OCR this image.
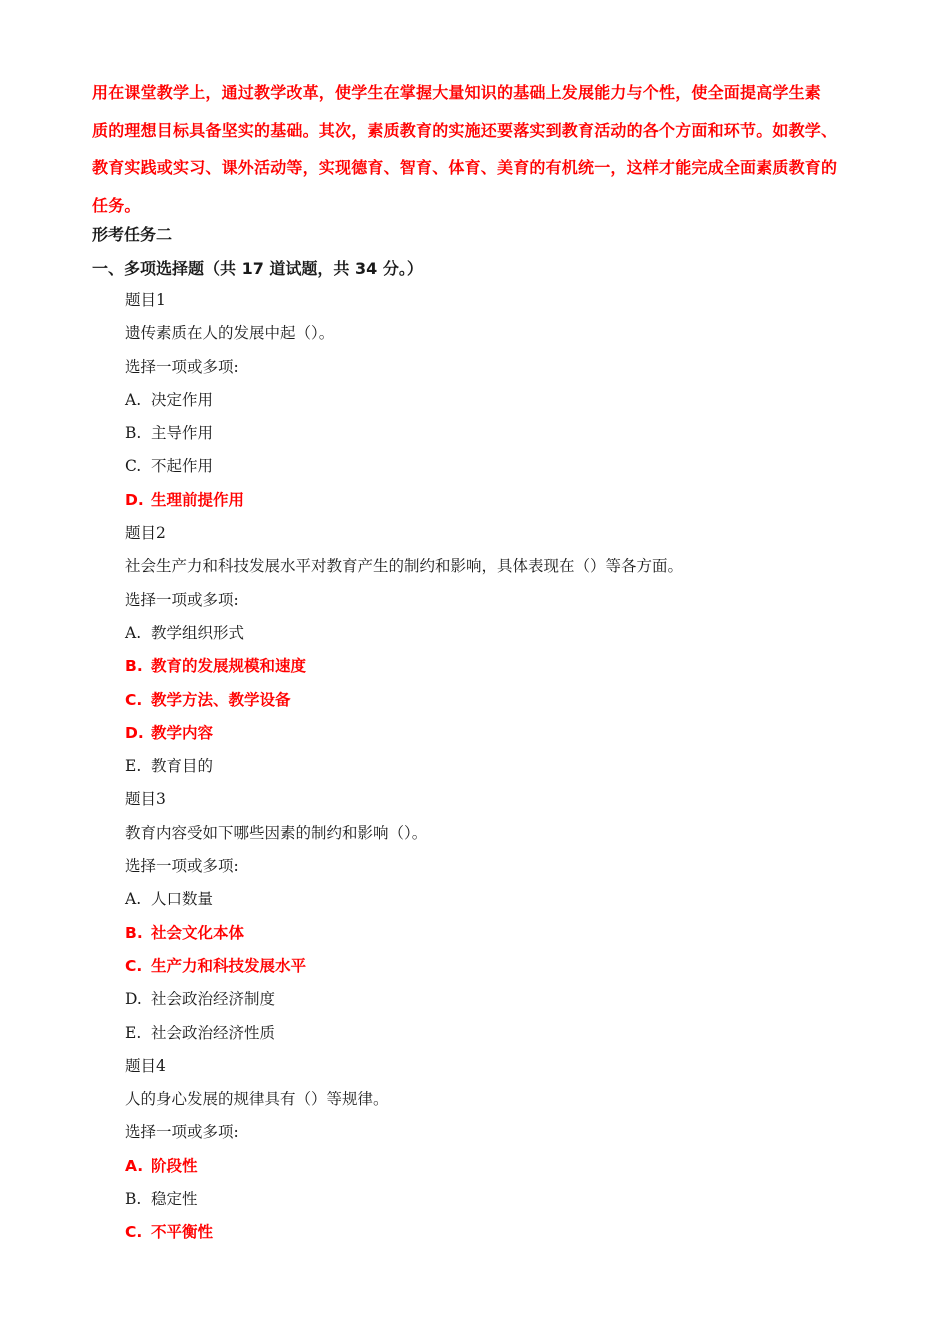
用在课堂教学上，通过教学改革，使学生在掌握大量知识的基础上发展能力与个性，使全面提高学生素

质的理想目标具备坚实的基础。其次，素质教育的实施还要落实到教育活动的各个方面和环节。如教学、

教育实践或实习、课外活动等，实现德育、智育、体育、美育的有机统一，这样才能完成全面素质教育的

任务。

形考任务二

一、多项选择题（共 17 道试题，共 34 分。）

题目1
遗传素质在人的发展中起（）。
选择一项或多项:
A. 决定作用
B. 主导作用
C. 不起作用
D. 生理前提作用
题目2
社会生产力和科技发展水平对教育产生的制约和影响，具体表现在（）等各方面。
选择一项或多项:
A. 教学组织形式
B. 教育的发展规模和速度
C. 教学方法、教学设备
D. 教学内容
E. 教育目的
题目3
教育内容受如下哪些因素的制约和影响（）。
选择一项或多项:
A. 人口数量
B. 社会文化本体
C. 生产力和科技发展水平
D. 社会政治经济制度
E. 社会政治经济性质
题目4
人的身心发展的规律具有（）等规律。
选择一项或多项:
A. 阶段性
B. 稳定性
C. 不平衡性
